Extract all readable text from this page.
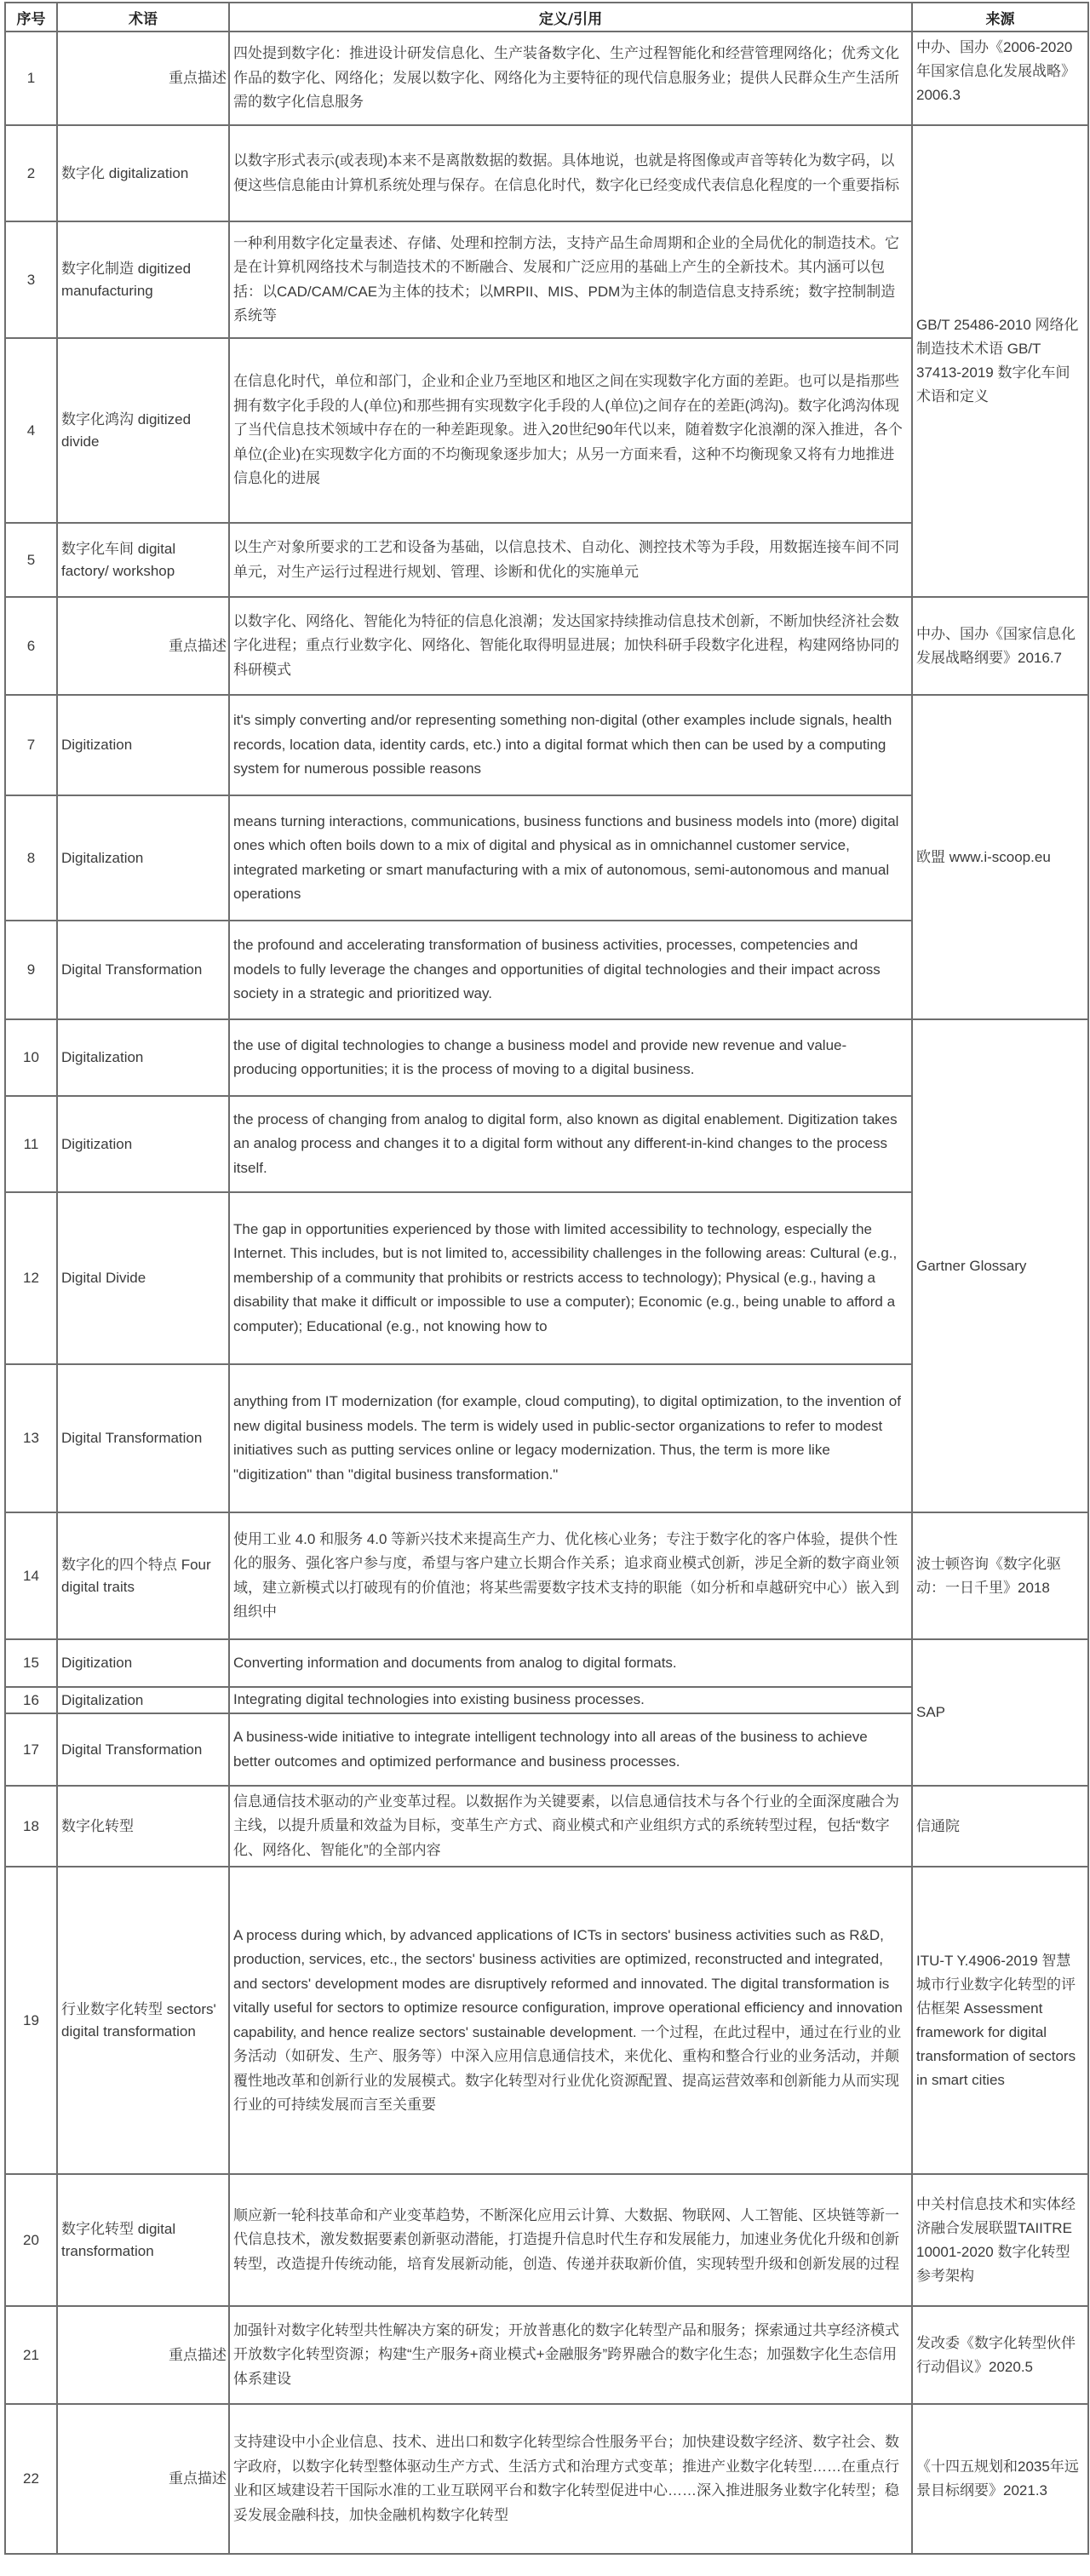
序号	术语	定义/引用	来源
1	重点描述	四处提到数字化：推进设计研发信息化、生产装备数字化、生产过程智能化和经营管理网络化；优秀文化作品的数字化、网络化；发展以数字化、网络化为主要特征的现代信息服务业；提供人民群众生产生活所需的数字化信息服务	中办、国办《2006-2020年国家信息化发展战略》2006.3
2	数字化 digitalization	以数字形式表示(或表现)本来不是离散数据的数据。具体地说，也就是将图像或声音等转化为数字码，以便这些信息能由计算机系统处理与保存。在信息化时代，数字化已经变成代表信息化程度的一个重要指标	GB/T 25486-2010 网络化制造技术术语 GB/T 37413-2019 数字化车间 术语和定义
3	数字化制造 digitized manufacturing	一种利用数字化定量表述、存储、处理和控制方法，支持产品生命周期和企业的全局优化的制造技术。它是在计算机网络技术与制造技术的不断融合、发展和广泛应用的基础上产生的全新技术。其内涵可以包括：以CAD/CAM/CAE为主体的技术；以MRPII、MIS、PDM为主体的制造信息支持系统；数字控制制造系统等	
4	数字化鸿沟 digitized divide	在信息化时代，单位和部门，企业和企业乃至地区和地区之间在实现数字化方面的差距。也可以是指那些拥有数字化手段的人(单位)和那些拥有实现数字化手段的人(单位)之间存在的差距(鸿沟)。数字化鸿沟体现了当代信息技术领域中存在的一种差距现象。进入20世纪90年代以来，随着数字化浪潮的深入推进，各个单位(企业)在实现数字化方面的不均衡现象逐步加大；从另一方面来看，这种不均衡现象又将有力地推进信息化的进展	
5	数字化车间 digital factory/ workshop	以生产对象所要求的工艺和设备为基础，以信息技术、自动化、测控技术等为手段，用数据连接车间不同单元，对生产运行过程进行规划、管理、诊断和优化的实施单元	
6	重点描述	以数字化、网络化、智能化为特征的信息化浪潮；发达国家持续推动信息技术创新，不断加快经济社会数字化进程；重点行业数字化、网络化、智能化取得明显进展；加快科研手段数字化进程，构建网络协同的科研模式	中办、国办《国家信息化发展战略纲要》2016.7
7	Digitization	it's simply converting and/or representing something non-digital (other examples include signals, health records, location data, identity cards, etc.) into a digital format which then can be used by a computing system for numerous possible reasons	欧盟 www.i-scoop.eu
8	Digitalization	means turning interactions, communications, business functions and business models into (more) digital ones which often boils down to a mix of digital and physical as in omnichannel customer service, integrated marketing or smart manufacturing with a mix of autonomous, semi-autonomous and manual operations	
9	Digital Transformation	the profound and accelerating transformation of business activities, processes, competencies and models to fully leverage the changes and opportunities of digital technologies and their impact across society in a strategic and prioritized way.	
10	Digitalization	the use of digital technologies to change a business model and provide new revenue and value-producing opportunities; it is the process of moving to a digital business.	Gartner Glossary
11	Digitization	the process of changing from analog to digital form, also known as digital enablement. Digitization takes an analog process and changes it to a digital form without any different-in-kind changes to the process itself.	
12	Digital Divide	The gap in opportunities experienced by those with limited accessibility to technology, especially the Internet. This includes, but is not limited to, accessibility challenges in the following areas: Cultural (e.g., membership of a community that prohibits or restricts access to technology); Physical (e.g., having a disability that make it difficult or impossible to use a computer); Economic (e.g., being unable to afford a computer); Educational (e.g., not knowing how to	
13	Digital Transformation	anything from IT modernization (for example, cloud computing), to digital optimization, to the invention of new digital business models. The term is widely used in public-sector organizations to refer to modest initiatives such as putting services online or legacy modernization. Thus, the term is more like "digitization" than "digital business transformation."	
14	数字化的四个特点 Four digital traits	使用工业 4.0 和服务 4.0 等新兴技术来提高生产力、优化核心业务；专注于数字化的客户体验，提供个性化的服务、强化客户参与度，希望与客户建立长期合作关系；追求商业模式创新，涉足全新的数字商业领域，建立新模式以打破现有的价值池；将某些需要数字技术支持的职能（如分析和卓越研究中心）嵌入到组织中	波士顿咨询《数字化驱动：一日千里》2018
15	Digitization	Converting information and documents from analog to digital formats.	SAP
16	Digitalization	Integrating digital technologies into existing business processes.	
17	Digital Transformation	A business-wide initiative to integrate intelligent technology into all areas of the business to achieve better outcomes and optimized performance and business processes.	
18	数字化转型	信息通信技术驱动的产业变革过程。以数据作为关键要素，以信息通信技术与各个行业的全面深度融合为主线，以提升质量和效益为目标，变革生产方式、商业模式和产业组织方式的系统转型过程，包括“数字化、网络化、智能化”的全部内容	信通院
19	行业数字化转型 sectors' digital transformation	A process during which, by advanced applications of ICTs in sectors' business activities such as R&D, production, services, etc., the sectors' business activities are optimized, reconstructed and integrated, and sectors' development modes are disruptively reformed and innovated. The digital transformation is vitally useful for sectors to optimize resource configuration, improve operational efficiency and innovation capability, and hence realize sectors' sustainable development. 一个过程，在此过程中，通过在行业的业务活动（如研发、生产、服务等）中深入应用信息通信技术，来优化、重构和整合行业的业务活动，并颠覆性地改革和创新行业的发展模式。数字化转型对行业优化资源配置、提高运营效率和创新能力从而实现行业的可持续发展而言至关重要	ITU-T Y.4906-2019 智慧城市行业数字化转型的评估框架 Assessment framework for digital transformation of sectors in smart cities
20	数字化转型 digital transformation	顺应新一轮科技革命和产业变革趋势，不断深化应用云计算、大数据、物联网、人工智能、区块链等新一代信息技术，激发数据要素创新驱动潜能，打造提升信息时代生存和发展能力，加速业务优化升级和创新转型，改造提升传统动能，培育发展新动能，创造、传递并获取新价值，实现转型升级和创新发展的过程	中关村信息技术和实体经济融合发展联盟TAIITRE 10001-2020 数字化转型 参考架构
21	重点描述	加强针对数字化转型共性解决方案的研发；开放普惠化的数字化转型产品和服务；探索通过共享经济模式开放数字化转型资源；构建“生产服务+商业模式+金融服务”跨界融合的数字化生态；加强数字化生态信用体系建设	发改委《数字化转型伙伴行动倡议》2020.5
22	重点描述	支持建设中小企业信息、技术、进出口和数字化转型综合性服务平台；加快建设数字经济、数字社会、数字政府，以数字化转型整体驱动生产方式、生活方式和治理方式变革；推进产业数字化转型……在重点行业和区域建设若干国际水准的工业互联网平台和数字化转型促进中心……深入推进服务业数字化转型；稳妥发展金融科技，加快金融机构数字化转型	《十四五规划和2035年远景目标纲要》2021.3
